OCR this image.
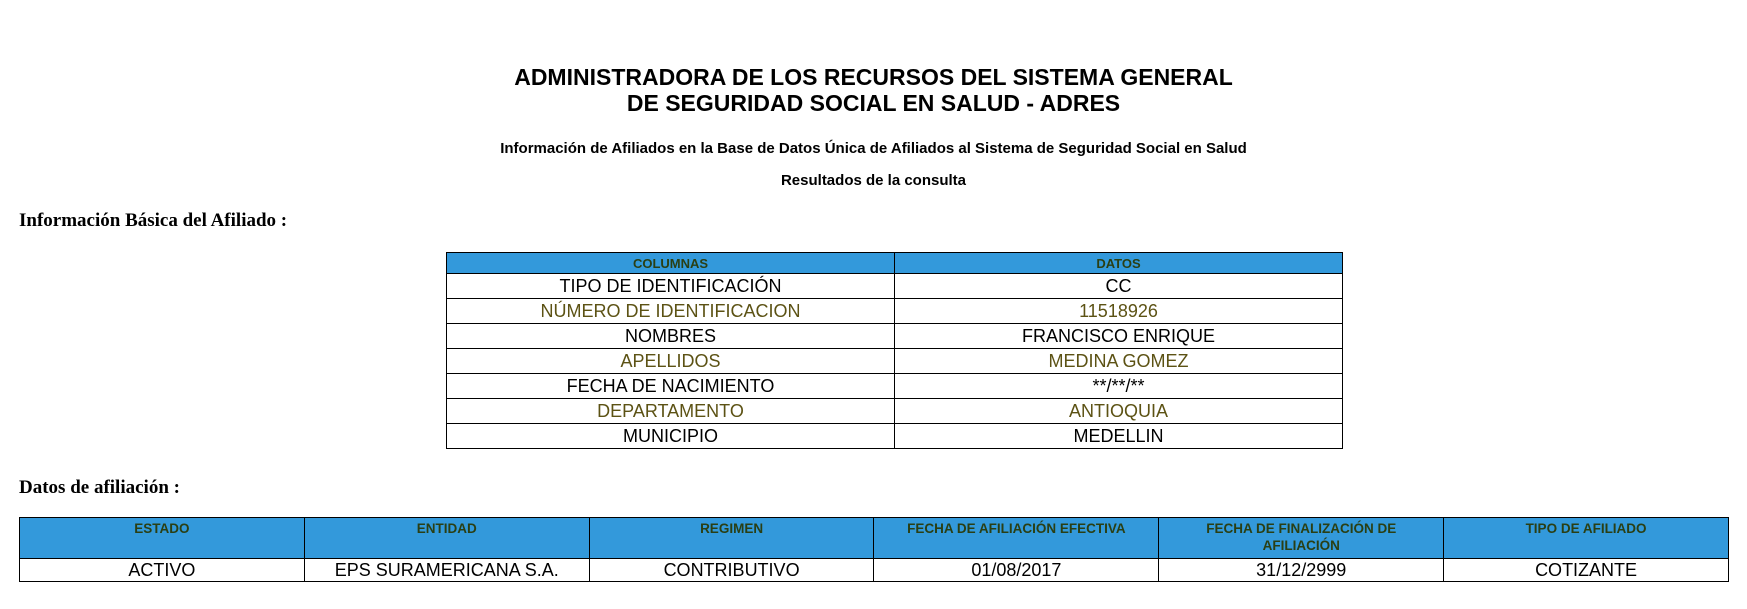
ADMINISTRADORA DE LOS RECURSOS DEL SISTEMA GENERAL
DE SEGURIDAD SOCIAL EN SALUD - ADRES

Información de Afiliados en la Base de Datos Única de Afiliados al Sistema de Seguridad Social en Salud

Resultados de la consulta

Información Básica del Afiliado :
COLUMNAS	DATOS
TIPO DE IDENTIFICACIÓN	CC
NÚMERO DE IDENTIFICACION	11518926
NOMBRES	FRANCISCO ENRIQUE
APELLIDOS	MEDINA GOMEZ
FECHA DE NACIMIENTO	**/**/**
DEPARTAMENTO	ANTIOQUIA
MUNICIPIO	MEDELLIN
Datos de afiliación :
ESTADO	ENTIDAD	REGIMEN	FECHA DE AFILIACIÓN EFECTIVA	FECHA DE FINALIZACIÓN DE AFILIACIÓN	TIPO DE AFILIADO
ACTIVO	EPS SURAMERICANA S.A.	CONTRIBUTIVO	01/08/2017	31/12/2999	COTIZANTE
